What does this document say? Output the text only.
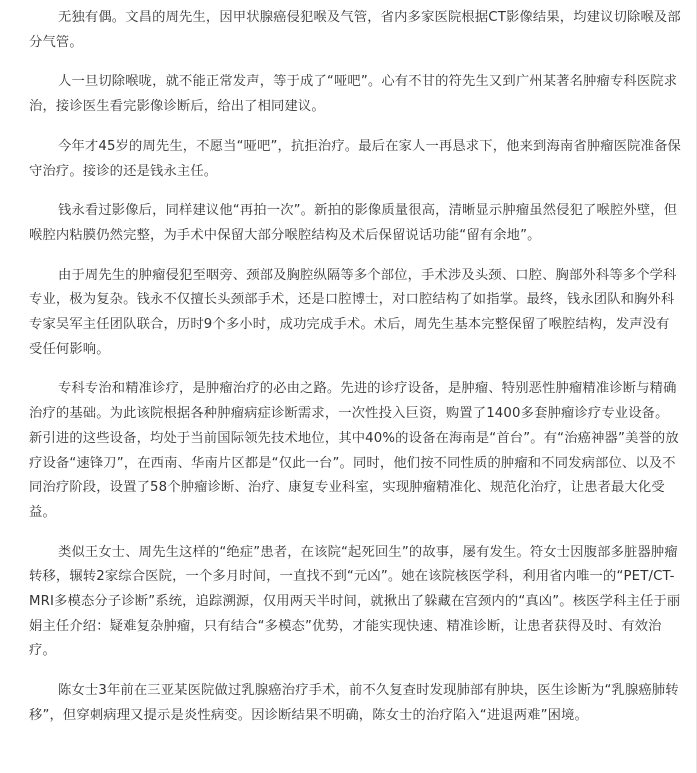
无独有偶。文昌的周先生，因甲状腺癌侵犯喉及气管，省内多家医院根据CT影像结果，均建议切除喉及部分气管。

人一旦切除喉咙，就不能正常发声，等于成了“哑吧”。心有不甘的符先生又到广州某著名肿瘤专科医院求治，接诊医生看完影像诊断后，给出了相同建议。

今年才45岁的周先生，不愿当“哑吧”，抗拒治疗。最后在家人一再恳求下，他来到海南省肿瘤医院准备保守治疗。接诊的还是钱永主任。

钱永看过影像后，同样建议他“再拍一次”。新拍的影像质量很高，清晰显示肿瘤虽然侵犯了喉腔外壁，但喉腔内粘膜仍然完整，为手术中保留大部分喉腔结构及术后保留说话功能“留有余地”。

由于周先生的肿瘤侵犯至咽旁、颈部及胸腔纵隔等多个部位，手术涉及头颈、口腔、胸部外科等多个学科专业，极为复杂。钱永不仅擅长头颈部手术，还是口腔博士，对口腔结构了如指掌。最终，钱永团队和胸外科专家吴军主任团队联合，历时9个多小时，成功完成手术。术后，周先生基本完整保留了喉腔结构，发声没有受任何影响。

专科专治和精准诊疗，是肿瘤治疗的必由之路。先进的诊疗设备，是肿瘤、特别恶性肿瘤精准诊断与精确治疗的基础。为此该院根据各种肿瘤病症诊断需求，一次性投入巨资，购置了1400多套肿瘤诊疗专业设备。新引进的这些设备，均处于当前国际领先技术地位，其中40%的设备在海南是“首台”。有“治癌神器”美誉的放疗设备“速锋刀”，在西南、华南片区都是“仅此一台”。同时，他们按不同性质的肿瘤和不同发病部位、以及不同治疗阶段，设置了58个肿瘤诊断、治疗、康复专业科室，实现肿瘤精准化、规范化治疗，让患者最大化受益。

类似王女士、周先生这样的“绝症”患者，在该院“起死回生”的故事，屡有发生。符女士因腹部多脏器肿瘤转移，辗转2家综合医院，一个多月时间，一直找不到“元凶”。她在该院核医学科，利用省内唯一的“PET/CT-MRI多模态分子诊断”系统，追踪溯源，仅用两天半时间，就揪出了躲藏在宫颈内的“真凶”。核医学科主任于丽娟主任介绍：疑难复杂肿瘤，只有结合“多模态”优势，才能实现快速、精准诊断，让患者获得及时、有效治疗。

陈女士3年前在三亚某医院做过乳腺癌治疗手术，前不久复查时发现肺部有肿块，医生诊断为“乳腺癌肺转移”，但穿刺病理又提示是炎性病变。因诊断结果不明确，陈女士的治疗陷入“进退两难”困境。
